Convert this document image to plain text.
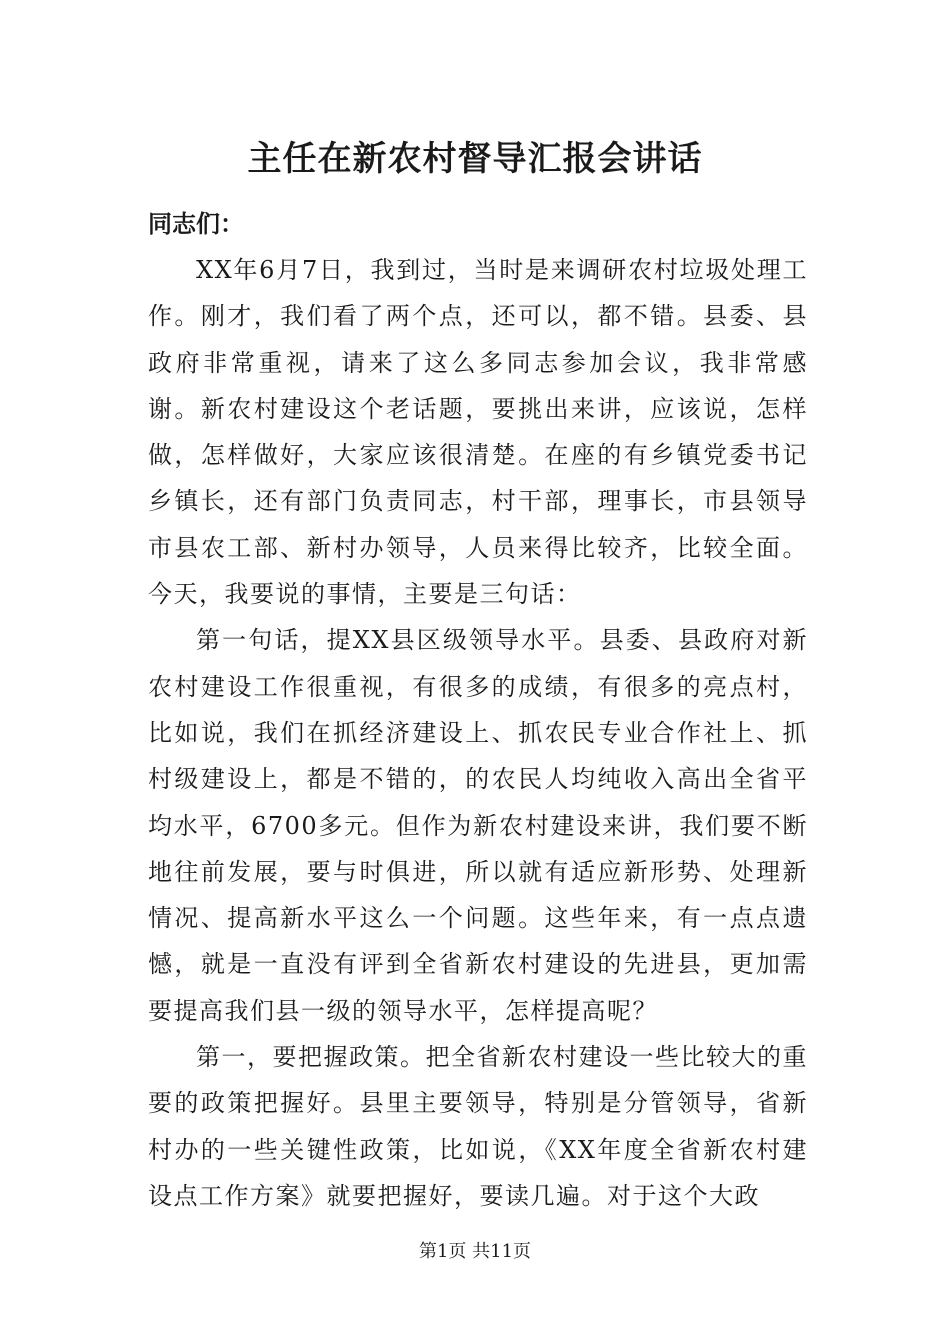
主任在新农村督导汇报会讲话
同志们：

XX年6月7日，我到过，当时是来调研农村垃圾处理工作。刚才，我们看了两个点，还可以，都不错。县委、县政府非常重视，请来了这么多同志参加会议，我非常感谢。新农村建设这个老话题，要挑出来讲，应该说，怎样做，怎样做好，大家应该很清楚。在座的有乡镇党委书记乡镇长，还有部门负责同志，村干部，理事长，市县领导市县农工部、新村办领导，人员来得比较齐，比较全面。今天，我要说的事情，主要是三句话：

第一句话，提XX县区级领导水平。县委、县政府对新农村建设工作很重视，有很多的成绩，有很多的亮点村，比如说，我们在抓经济建设上、抓农民专业合作社上、抓村级建设上，都是不错的，的农民人均纯收入高出全省平均水平，6700多元。但作为新农村建设来讲，我们要不断地往前发展，要与时俱进，所以就有适应新形势、处理新情况、提高新水平这么一个问题。这些年来，有一点点遗憾，就是一直没有评到全省新农村建设的先进县，更加需要提高我们县一级的领导水平，怎样提高呢？

第一，要把握政策。把全省新农村建设一些比较大的重要的政策把握好。县里主要领导，特别是分管领导，省新村办的一些关键性政策，比如说，《XX年度全省新农村建设点工作方案》就要把握好，要读几遍。对于这个大政

第1页 共11页
